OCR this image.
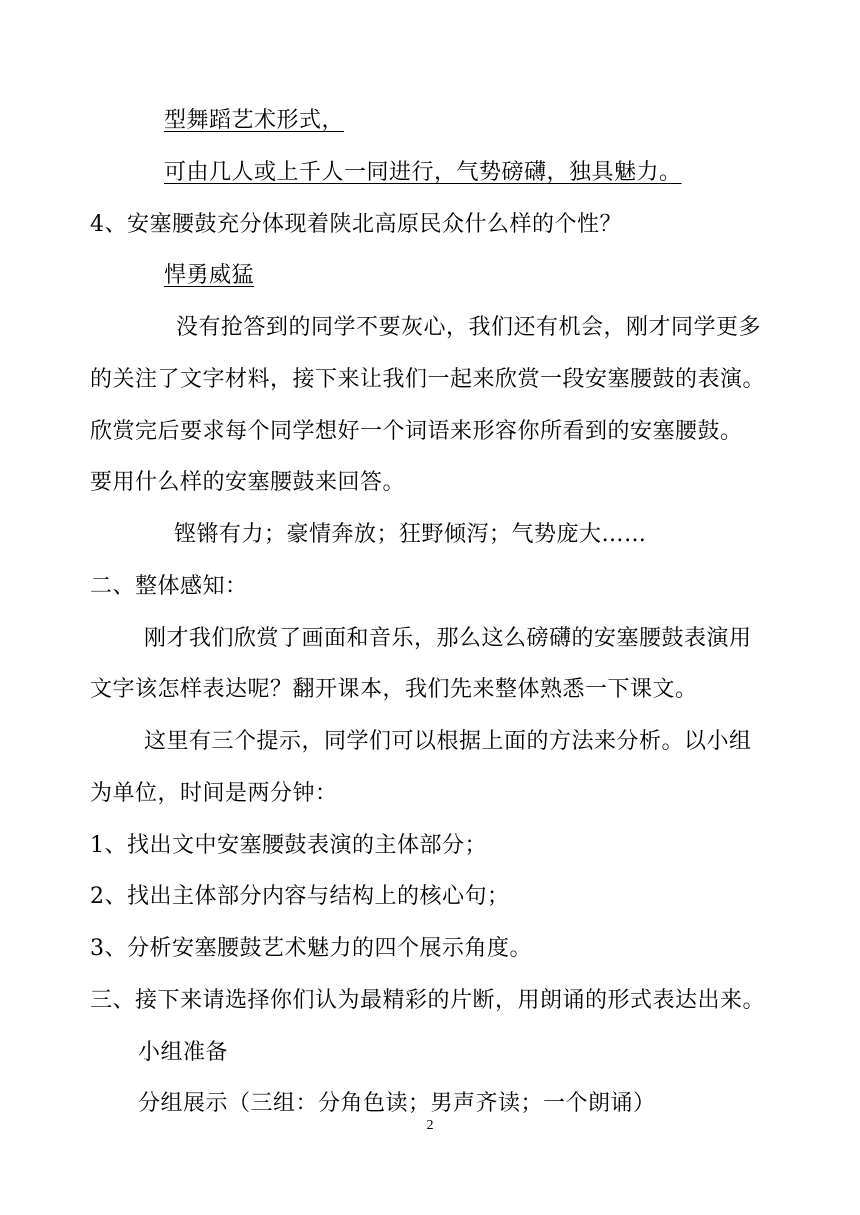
型舞蹈艺术形式，
可由几人或上千人一同进行，气势磅礴，独具魅力。
4、安塞腰鼓充分体现着陕北高原民众什么样的个性？
悍勇威猛
没有抢答到的同学不要灰心，我们还有机会，刚才同学更多
的关注了文字材料，接下来让我们一起来欣赏一段安塞腰鼓的表演。
欣赏完后要求每个同学想好一个词语来形容你所看到的安塞腰鼓。
要用什么样的安塞腰鼓来回答。
铿锵有力；豪情奔放；狂野倾泻；气势庞大……
二、整体感知：
刚才我们欣赏了画面和音乐，那么这么磅礴的安塞腰鼓表演用
文字该怎样表达呢？翻开课本，我们先来整体熟悉一下课文。
这里有三个提示，同学们可以根据上面的方法来分析。以小组
为单位，时间是两分钟：
1、找出文中安塞腰鼓表演的主体部分；
2、找出主体部分内容与结构上的核心句；
3、分析安塞腰鼓艺术魅力的四个展示角度。
三、接下来请选择你们认为最精彩的片断，用朗诵的形式表达出来。
小组准备
分组展示（三组：分角色读；男声齐读；一个朗诵）
2
